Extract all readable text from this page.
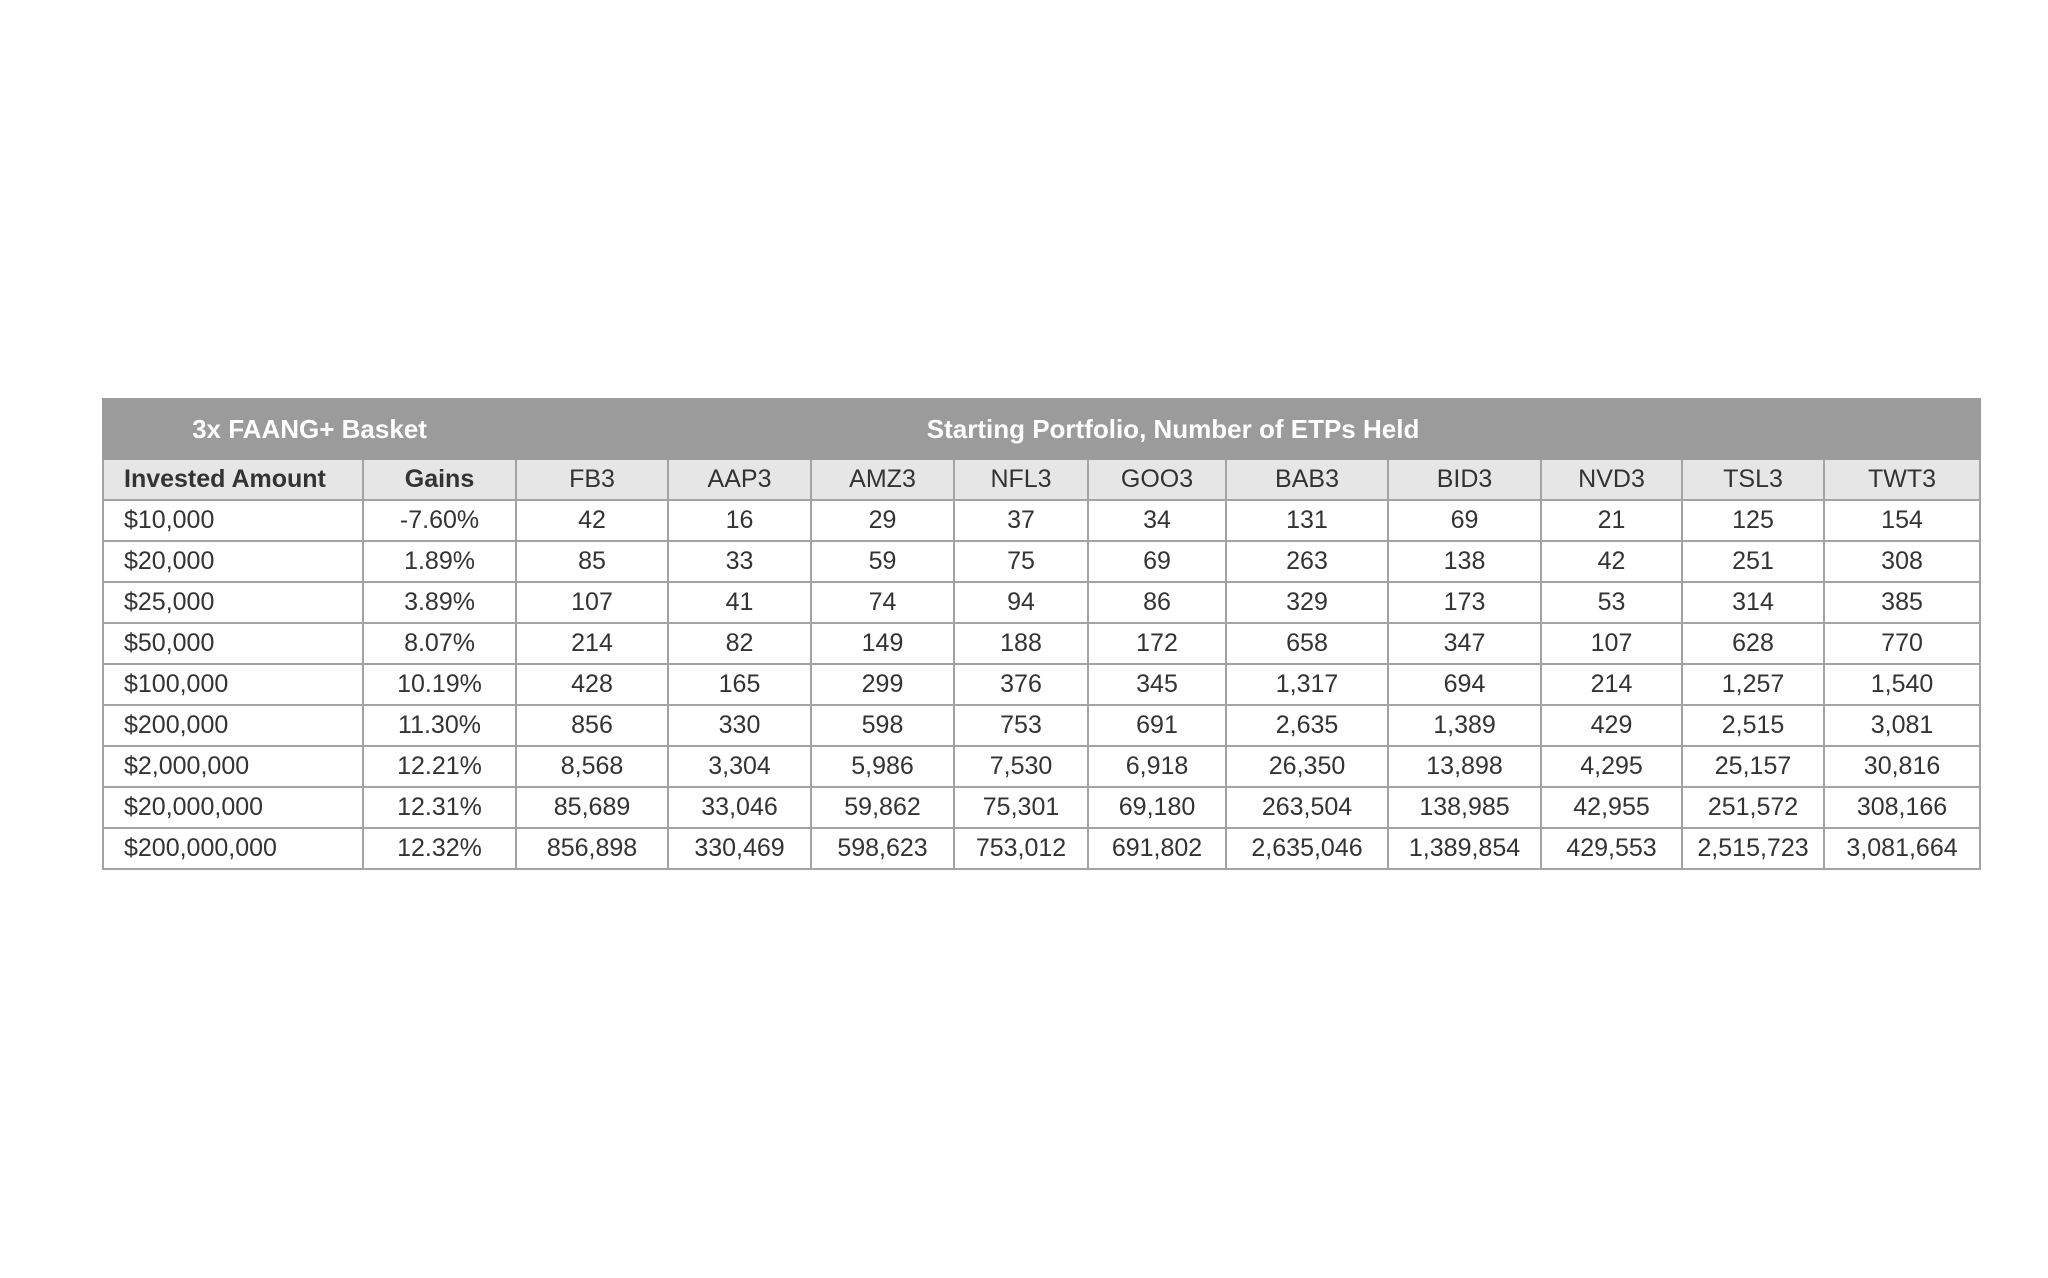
3x FAANG+ Basket		Starting Portfolio, Number of ETPs Held									
Invested Amount	Gains	FB3	AAP3	AMZ3	NFL3	GOO3	BAB3	BID3	NVD3	TSL3	TWT3
$10,000	-7.60%	42	16	29	37	34	131	69	21	125	154
$20,000	1.89%	85	33	59	75	69	263	138	42	251	308
$25,000	3.89%	107	41	74	94	86	329	173	53	314	385
$50,000	8.07%	214	82	149	188	172	658	347	107	628	770
$100,000	10.19%	428	165	299	376	345	1,317	694	214	1,257	1,540
$200,000	11.30%	856	330	598	753	691	2,635	1,389	429	2,515	3,081
$2,000,000	12.21%	8,568	3,304	5,986	7,530	6,918	26,350	13,898	4,295	25,157	30,816
$20,000,000	12.31%	85,689	33,046	59,862	75,301	69,180	263,504	138,985	42,955	251,572	308,166
$200,000,000	12.32%	856,898	330,469	598,623	753,012	691,802	2,635,046	1,389,854	429,553	2,515,723	3,081,664
